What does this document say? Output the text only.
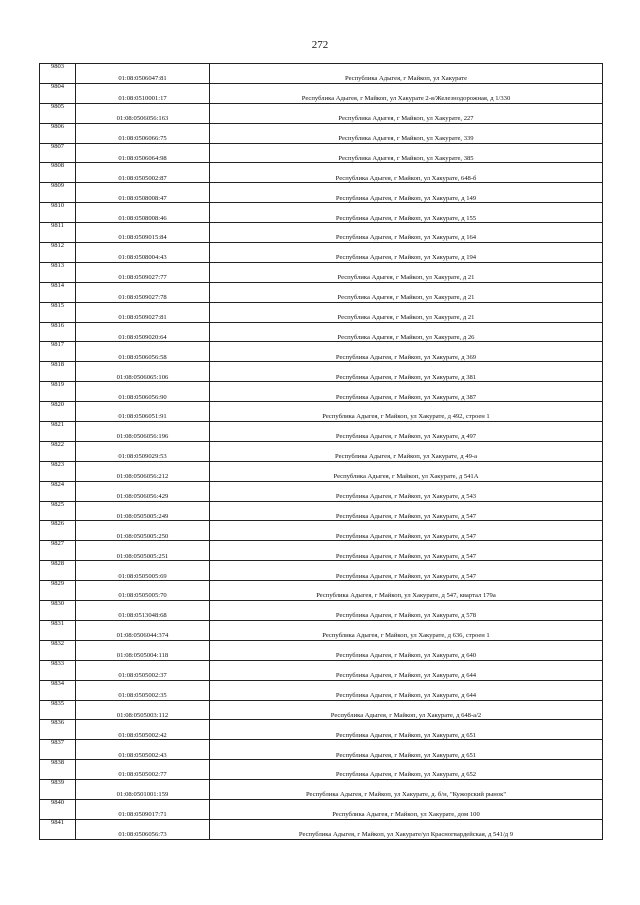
272
9803	01:08:0506047:81	Республика Адыгея, г Майкоп, ул Хакурате
9804	01:08:0510001:17	Республика Адыгея, г Майкоп, ул Хакурате 2-я/Железнодорожная, д 1/330
9805	01:08:0506056:163	Республика Адыгея, г Майкоп, ул Хакурате, 227
9806	01:08:0506066:75	Республика Адыгея, г Майкоп, ул Хакурате, 339
9807	01:08:0506064:98	Республика Адыгея, г Майкоп, ул Хакурате, 385
9808	01:08:0505002:87	Республика Адыгея, г Майкоп, ул Хакурате, 648-б
9809	01:08:0508008:47	Республика Адыгея, г Майкоп, ул Хакурате, д 149
9810	01:08:0508008:46	Республика Адыгея, г Майкоп, ул Хакурате, д 155
9811	01:08:0509015:84	Республика Адыгея, г Майкоп, ул Хакурате, д 164
9812	01:08:0508004:43	Республика Адыгея, г Майкоп, ул Хакурате, д 194
9813	01:08:0509027:77	Республика Адыгея, г Майкоп, ул Хакурате, д 21
9814	01:08:0509027:78	Республика Адыгея, г Майкоп, ул Хакурате, д 21
9815	01:08:0509027:81	Республика Адыгея, г Майкоп, ул Хакурате, д 21
9816	01:08:0509020:64	Республика Адыгея, г Майкоп, ул Хакурате, д 26
9817	01:08:0506056:58	Республика Адыгея, г Майкоп, ул Хакурате, д 369
9818	01:08:0506065:106	Республика Адыгея, г Майкоп, ул Хакурате, д 381
9819	01:08:0506056:90	Республика Адыгея, г Майкоп, ул Хакурате, д 387
9820	01:08:0506051:91	Республика Адыгея, г Майкоп, ул Хакурате, д 492, строен 1
9821	01:08:0506056:196	Республика Адыгея, г Майкоп, ул Хакурате, д 497
9822	01:08:0509029:53	Республика Адыгея, г Майкоп, ул Хакурате, д 49-а
9823	01:08:0506056:212	Республика Адыгея, г Майкоп, ул Хакурате, д 541А
9824	01:08:0506056:429	Республика Адыгея, г Майкоп, ул Хакурате, д 543
9825	01:08:0505005:249	Республика Адыгея, г Майкоп, ул Хакурате, д 547
9826	01:08:0505005:250	Республика Адыгея, г Майкоп, ул Хакурате, д 547
9827	01:08:0505005:251	Республика Адыгея, г Майкоп, ул Хакурате, д 547
9828	01:08:0505005:69	Республика Адыгея, г Майкоп, ул Хакурате, д 547
9829	01:08:0505005:70	Республика Адыгея, г Майкоп, ул Хакурате, д 547, квартал 179а
9830	01:08:0513048:68	Республика Адыгея, г Майкоп, ул Хакурате, д 578
9831	01:08:0506044:374	Республика Адыгея, г Майкоп, ул Хакурате, д 636, строен 1
9832	01:08:0505004:118	Республика Адыгея, г Майкоп, ул Хакурате, д 640
9833	01:08:0505002:37	Республика Адыгея, г Майкоп, ул Хакурате, д 644
9834	01:08:0505002:35	Республика Адыгея, г Майкоп, ул Хакурате, д 644
9835	01:08:0505003:112	Республика Адыгея, г Майкоп, ул Хакурате, д 648-а/2
9836	01:08:0505002:42	Республика Адыгея, г Майкоп, ул Хакурате, д 651
9837	01:08:0505002:43	Республика Адыгея, г Майкоп, ул Хакурате, д 651
9838	01:08:0505002:77	Республика Адыгея, г Майкоп, ул Хакурате, д 652
9839	01:08:0501001:159	Республика Адыгея, г Майкоп, ул Хакурате, д. б/н, "Кужорский рынок"
9840	01:08:0509017:71	Республика Адыгея, г Майкоп, ул Хакурате, дом 100
9841	01:08:0506056:73	Республика Адыгея, г Майкоп, ул Хакурате/ул Красногвардейская, д 541/д 9
